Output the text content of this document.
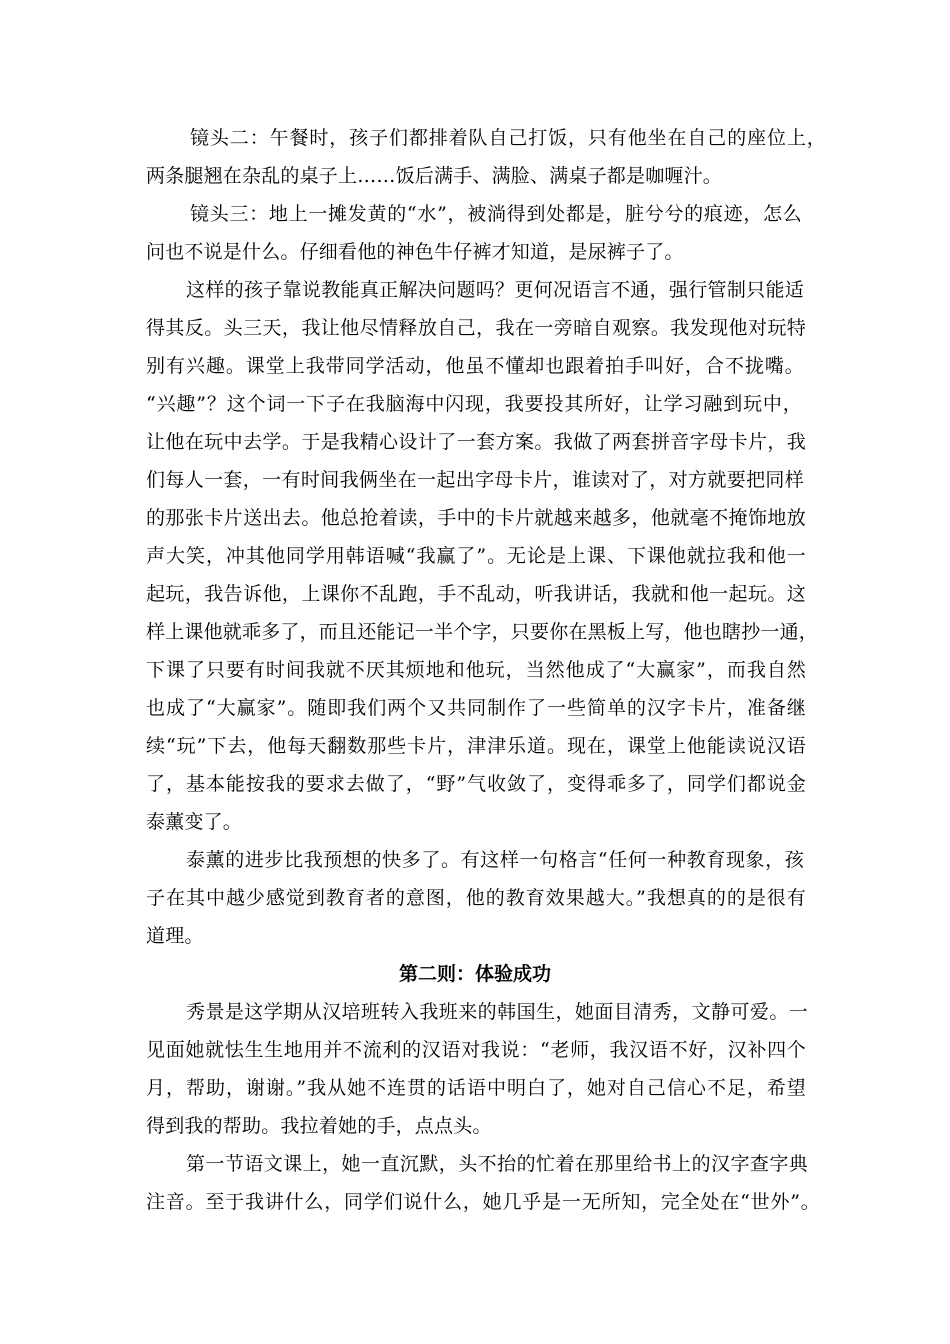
镜头二：午餐时，孩子们都排着队自己打饭，只有他坐在自己的座位上，
两条腿翘在杂乱的桌子上……饭后满手、满脸、满桌子都是咖喱汁。
镜头三：地上一摊发黄的“水”，被淌得到处都是，脏兮兮的痕迹，怎么
问也不说是什么。仔细看他的神色牛仔裤才知道，是尿裤子了。
这样的孩子靠说教能真正解决问题吗？更何况语言不通，强行管制只能适
得其反。头三天，我让他尽情释放自己，我在一旁暗自观察。我发现他对玩特
别有兴趣。课堂上我带同学活动，他虽不懂却也跟着拍手叫好，合不拢嘴。
“兴趣”？这个词一下子在我脑海中闪现，我要投其所好，让学习融到玩中，
让他在玩中去学。于是我精心设计了一套方案。我做了两套拼音字母卡片，我
们每人一套，一有时间我俩坐在一起出字母卡片，谁读对了，对方就要把同样
的那张卡片送出去。他总抢着读，手中的卡片就越来越多，他就毫不掩饰地放
声大笑，冲其他同学用韩语喊“我赢了”。无论是上课、下课他就拉我和他一
起玩，我告诉他，上课你不乱跑，手不乱动，听我讲话，我就和他一起玩。这
样上课他就乖多了，而且还能记一半个字，只要你在黑板上写，他也瞎抄一通，
下课了只要有时间我就不厌其烦地和他玩，当然他成了“大赢家”，而我自然
也成了“大赢家”。随即我们两个又共同制作了一些简单的汉字卡片，准备继
续“玩”下去，他每天翻数那些卡片，津津乐道。现在，课堂上他能读说汉语
了，基本能按我的要求去做了，“野”气收敛了，变得乖多了，同学们都说金
泰薰变了。
泰薰的进步比我预想的快多了。有这样一句格言“任何一种教育现象，孩
子在其中越少感觉到教育者的意图，他的教育效果越大。”我想真的的是很有
道理。
第二则：体验成功
秀景是这学期从汉培班转入我班来的韩国生，她面目清秀，文静可爱。一
见面她就怯生生地用并不流利的汉语对我说：“老师，我汉语不好，汉补四个
月，帮助，谢谢。”我从她不连贯的话语中明白了，她对自己信心不足，希望
得到我的帮助。我拉着她的手，点点头。
第一节语文课上，她一直沉默，头不抬的忙着在那里给书上的汉字查字典
注音。至于我讲什么，同学们说什么，她几乎是一无所知，完全处在“世外”。
